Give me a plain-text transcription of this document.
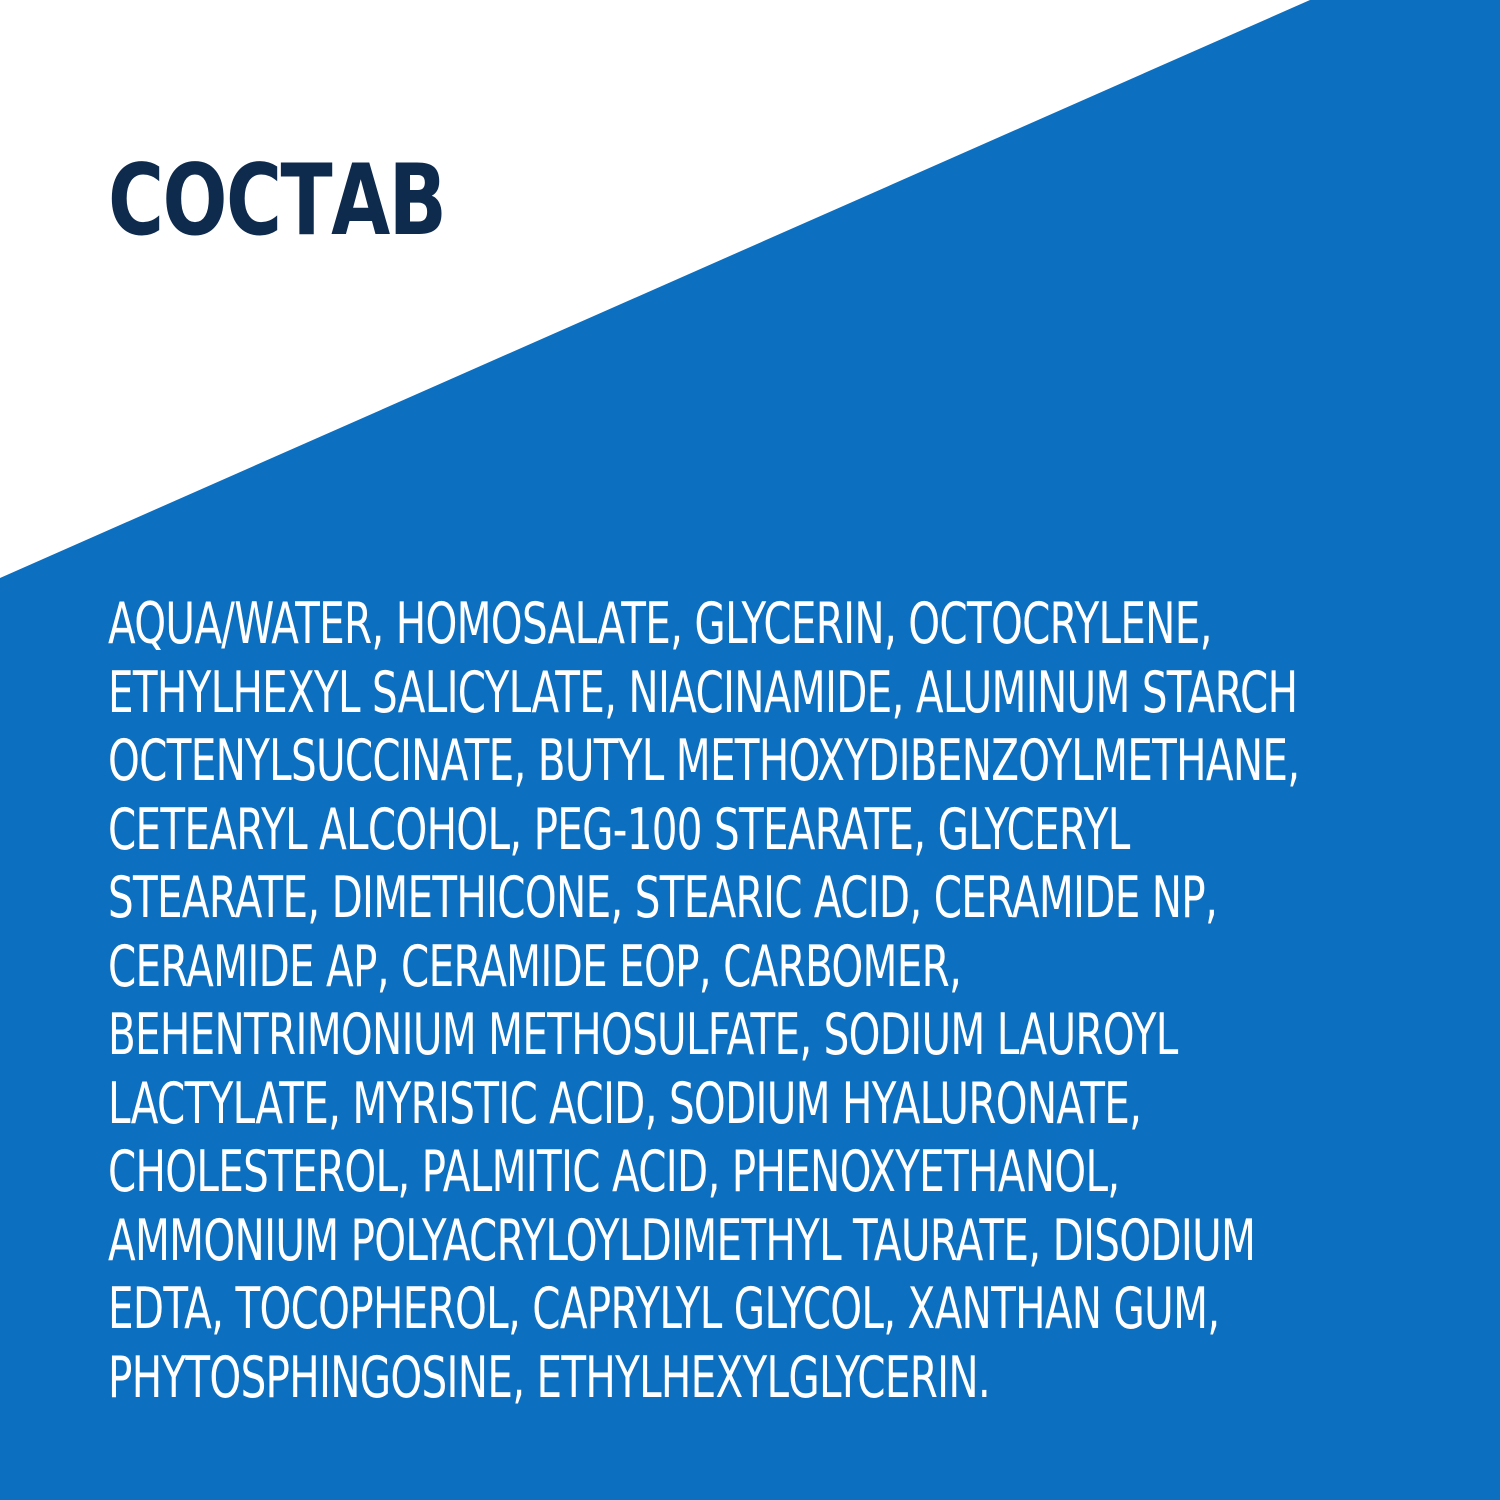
СОСТАВ
AQUA/WATER, HOMOSALATE, GLYCERIN, OCTOCRYLENE,
ETHYLHEXYL SALICYLATE, NIACINAMIDE, ALUMINUM STARCH
OCTENYLSUCCINATE, BUTYL METHOXYDIBENZOYLMETHANE,
CETEARYL ALCOHOL, PEG-100 STEARATE, GLYCERYL
STEARATE, DIMETHICONE, STEARIC ACID, CERAMIDE NP,
CERAMIDE AP, CERAMIDE EOP, CARBOMER,
BEHENTRIMONIUM METHOSULFATE, SODIUM LAUROYL
LACTYLATE, MYRISTIC ACID, SODIUM HYALURONATE,
CHOLESTEROL, PALMITIC ACID, PHENOXYETHANOL,
AMMONIUM POLYACRYLOYLDIMETHYL TAURATE, DISODIUM
EDTA, TOCOPHEROL, CAPRYLYL GLYCOL, XANTHAN GUM,
PHYTOSPHINGOSINE, ETHYLHEXYLGLYCERIN.
